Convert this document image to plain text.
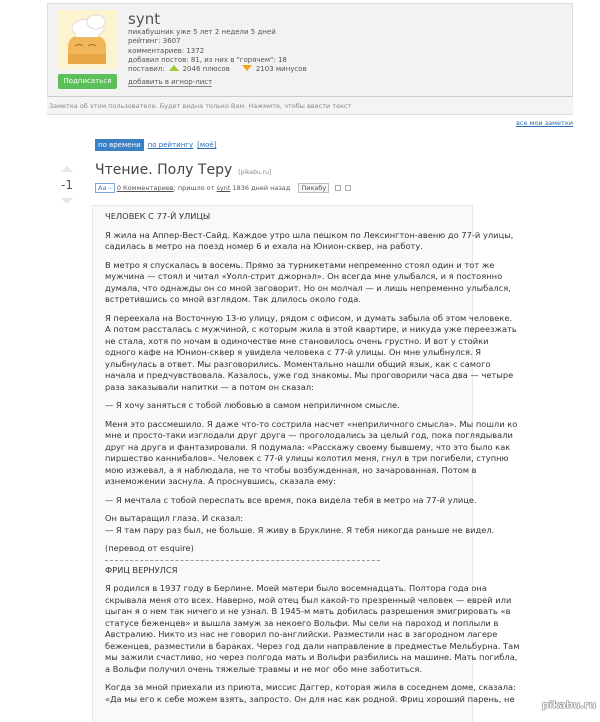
Подписаться
synt
пикабушник уже 5 лет 2 недели 5 дней
рейтинг: 3607
комментариев: 1372
добавил постов: 81, из них в "горячем": 18
поставил:	2046 плюсов	2103 минусов
добавить в игнор-лист
Заметка об этом пользователе. Будет видна только Вам. Нажмите, чтобы ввести текст
все мои заметки
по времени по рейтингу [моё]
-1
Чтение. Полу Теру [pikabu.ru]
Aa – 0 Комментариев; пришло от synt 1836 дней назад Пикабу
ЧЕЛОВЕК С 77-Й УЛИЦЫ
Я жила на Аппер-Вест-Сайд. Каждое утро шла пешком по Лексингтон-авеню до 77-й улицы,
садилась в метро на поезд номер 6 и ехала на Юнион-сквер, на работу.
В метро я спускалась в восемь. Прямо за турникетами непременно стоял один и тот же
мужчина — стоял и читал «Уолл-стрит джорнэл». Он всегда мне улыбался, и я постоянно
думала, что однажды он со мной заговорит. Но он молчал — и лишь непременно улыбался,
встретившись со мной взглядом. Так длилось около года.
Я переехала на Восточную 13-ю улицу, рядом с офисом, и думать забыла об этом человеке.
А потом рассталась с мужчиной, с которым жила в этой квартире, и никуда уже переезжать
не стала, хотя по ночам в одиночестве мне становилось очень грустно. И вот у стойки
одного кафе на Юнион-сквер я увидела человека с 77-й улицы. Он мне улыбнулся. Я
улыбнулась в ответ. Мы разговорились. Моментально нашли общий язык, как с самого
начала и предчувствовала. Казалось, уже год знакомы. Мы проговорили часа два — четыре
раза заказывали напитки — а потом он сказал:
— Я хочу заняться с тобой любовью в самом неприличном смысле.
Меня это рассмешило. Я даже что-то сострила насчет «неприличного смысла». Мы пошли ко
мне и просто-таки изглодали друг друга — проголодались за целый год, пока поглядывали
друг на друга и фантазировали. Я подумала: «Расскажу своему бывшему, что это было как
пиршество каннибалов». Человек с 77-й улицы колотил меня, гнул в три погибели, ступню
мою изжевал, а я наблюдала, не то чтобы возбужденная, но зачарованная. Потом в
изнеможении заснула. А проснувшись, сказала ему:
— Я мечтала с тобой переспать все время, пока видела тебя в метро на 77-й улице.
Он вытаращил глаза. И сказал:
— Я там пару раз был, не больше. Я живу в Бруклине. Я тебя никогда раньше не видел.
(перевод от esquire)
ФРИЦ ВЕРНУЛСЯ
Я родился в 1937 году в Берлине. Моей матери было восемнадцать. Полтора года она
скрывала меня ото всех. Наверно, мой отец был какой-то презренный человек — еврей или
цыган я о нем так ничего и не узнал. В 1945-м мать добилась разрешения эмигрировать «в
статусе беженцев» и вышла замуж за некоего Вольфи. Мы сели на пароход и поплыли в
Австралию. Никто из нас не говорил по-английски. Разместили нас в загородном лагере
беженцев, разместили в бараках. Через год дали направление в предместье Мельбурна. Там
мы зажили счастливо, но через полгода мать и Вольфи разбились на машине. Мать погибла,
а Вольфи получил очень тяжелые травмы и не мог обо мне заботиться.
Когда за мной приехали из приюта, миссис Даггер, которая жила в соседнем доме, сказала:
«Да мы его к себе можем взять, запросто. Он для нас как родной. Фриц хороший парень, не
pikabu.ru
